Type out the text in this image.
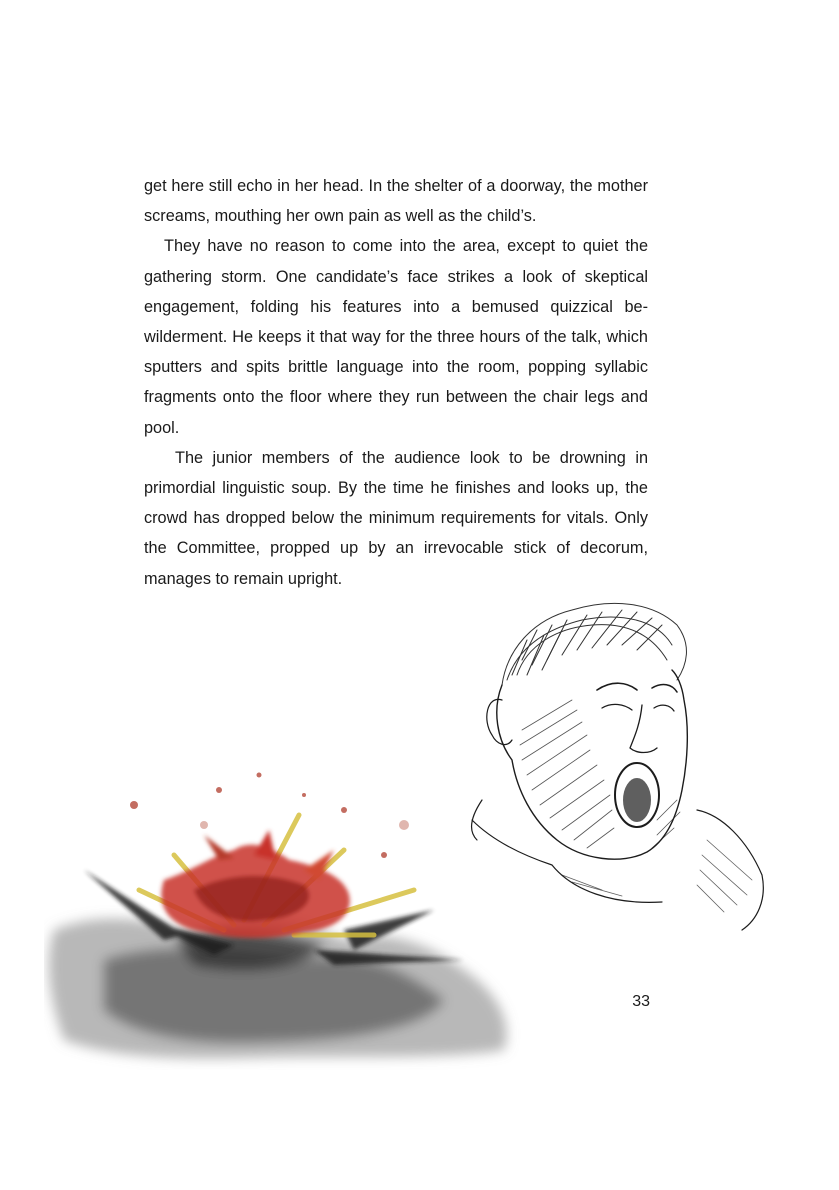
get here still echo in her head. In the shelter of a doorway, the mother screams, mouthing her own pain as well as the child’s.

They have no reason to come into the area, except to quiet the gathering storm. One candidate’s face strikes a look of skeptical engagement, folding his features into a bemused quizzical bewilderment. He keeps it that way for the three hours of the talk, which sputters and spits brittle language into the room, popping syllabic fragments onto the floor where they run between the chair legs and pool.

The junior members of the audience look to be drowning in primordial linguistic soup. By the time he finishes and looks up, the crowd has dropped below the minimum requirements for vitals. Only the Committee, propped up by an irrevocable stick of decorum, manages to remain upright.

33
